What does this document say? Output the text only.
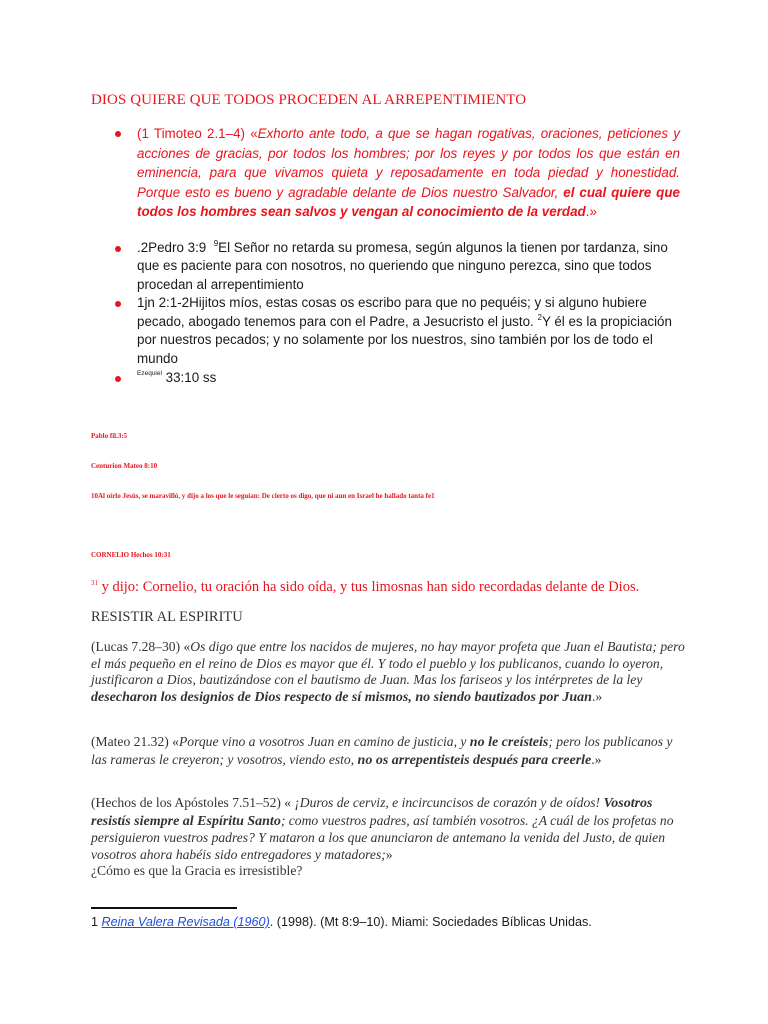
DIOS QUIERE QUE TODOS PROCEDEN AL ARREPENTIMIENTO
(1 Timoteo 2.1–4) «Exhorto ante todo, a que se hagan rogativas, oraciones, peticiones y acciones de gracias, por todos los hombres; por los reyes y por todos los que están en eminencia, para que vivamos quieta y reposadamente en toda piedad y honestidad. Porque esto es bueno y agradable delante de Dios nuestro Salvador, el cual quiere que todos los hombres sean salvos y vengan al conocimiento de la verdad.»
.2Pedro 3:9 $^9$El Señor no retarda su promesa, según algunos la tienen por tardanza, sino que es paciente para con nosotros, no queriendo que ninguno perezca, sino que todos procedan al arrepentimiento
1jn 2:1-2Hijitos míos, estas cosas os escribo para que no pequéis; y si alguno hubiere pecado, abogado tenemos para con el Padre, a Jesucristo el justo. $^2$Y él es la propiciación por nuestros pecados; y no solamente por los nuestros, sino también por los de todo el mundo
$^{Ezequiel}$ 33:10 ss
Pablo fil.3:5
Centurion Mateo 8:10
10Al oírlo Jesús, se maravilló, y dijo a los que le seguían: De cierto os digo, que ni aun en Israel he hallado tanta fe1
CORNELIO Hechos 10:31
$^{31}$ y dijo: Cornelio, tu oración ha sido oída, y tus limosnas han sido recordadas delante de Dios.
RESISTIR AL ESPIRITU
(Lucas 7.28–30) «Os digo que entre los nacidos de mujeres, no hay mayor profeta que Juan el Bautista; pero el más pequeño en el reino de Dios es mayor que él. Y todo el pueblo y los publicanos, cuando lo oyeron, justificaron a Dios, bautizándose con el bautismo de Juan. Mas los fariseos y los intérpretes de la ley desecharon los designios de Dios respecto de sí mismos, no siendo bautizados por Juan.»
(Mateo 21.32) «Porque vino a vosotros Juan en camino de justicia, y no le creísteis; pero los publicanos y las rameras le creyeron; y vosotros, viendo esto, no os arrepentisteis después para creerle.»
(Hechos de los Apóstoles 7.51–52) « ¡Duros de cerviz, e incircuncisos de corazón y de oídos! Vosotros resistís siempre al Espíritu Santo; como vuestros padres, así también vosotros. ¿A cuál de los profetas no persiguieron vuestros padres? Y mataron a los que anunciaron de antemano la venida del Justo, de quien vosotros ahora habéis sido entregadores y matadores;»
¿Cómo es que la Gracia es irresistible?
1 Reina Valera Revisada (1960). (1998). (Mt 8:9–10). Miami: Sociedades Bíblicas Unidas.
